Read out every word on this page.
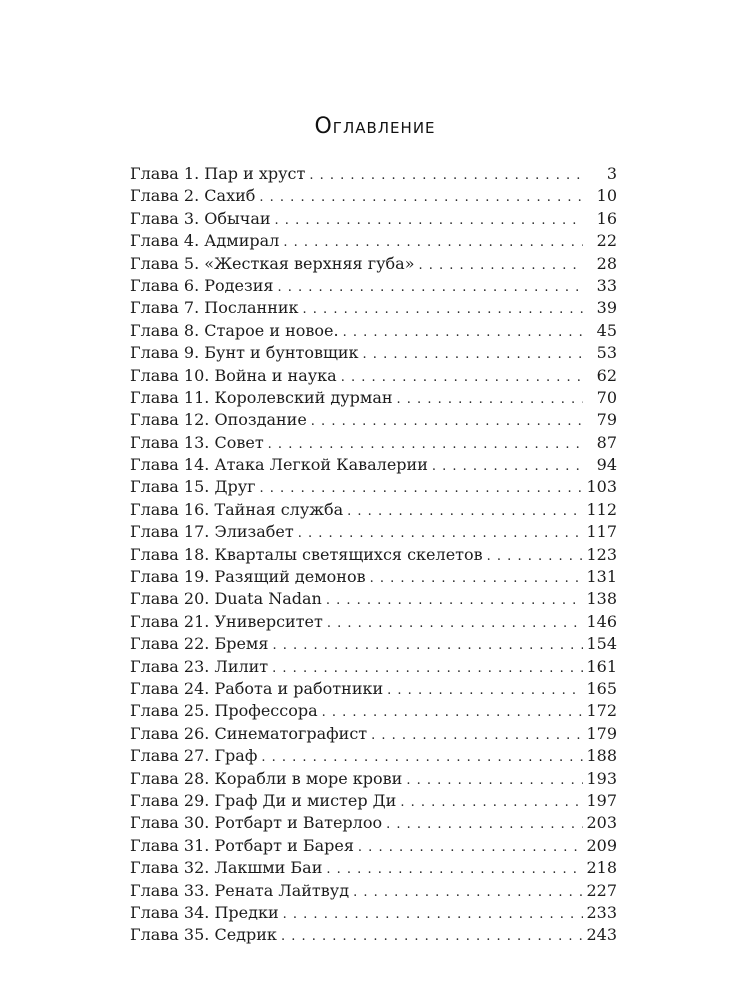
Оглавление
Глава 1. Пар и хруст . . .	3
Глава 2. Сахиб . . .	10
Глава 3. Обычаи . . .	16
Глава 4. Адмирал . . .	22
Глава 5. «Жесткая верхняя губа» . . .	28
Глава 6. Родезия . . .	33
Глава 7. Посланник . . .	39
Глава 8. Старое и новое. . . .	45
Глава 9. Бунт и бунтовщик . . .	53
Глава 10. Война и наука . . .	62
Глава 11. Королевский дурман . . .	70
Глава 12. Опоздание . . .	79
Глава 13. Совет . . .	87
Глава 14. Атака Легкой Кавалерии . . .	94
Глава 15. Друг . . .	103
Глава 16. Тайная служба . . .	112
Глава 17. Элизабет . . .	117
Глава 18. Кварталы светящихся скелетов . . .	123
Глава 19. Разящий демонов . . .	131
Глава 20. Duata Nadan . . .	138
Глава 21. Университет . . .	146
Глава 22. Бремя . . .	154
Глава 23. Лилит . . .	161
Глава 24. Работа и работники . . .	165
Глава 25. Профессора . . .	172
Глава 26. Синематографист . . .	179
Глава 27. Граф . . .	188
Глава 28. Корабли в море крови . . .	193
Глава 29. Граф Ди и мистер Ди . . .	197
Глава 30. Ротбарт и Ватерлоо . . .	203
Глава 31. Ротбарт и Барея . . .	209
Глава 32. Лакшми Баи . . .	218
Глава 33. Рената Лайтвуд . . .	227
Глава 34. Предки . . .	233
Глава 35. Седрик . . .	243
